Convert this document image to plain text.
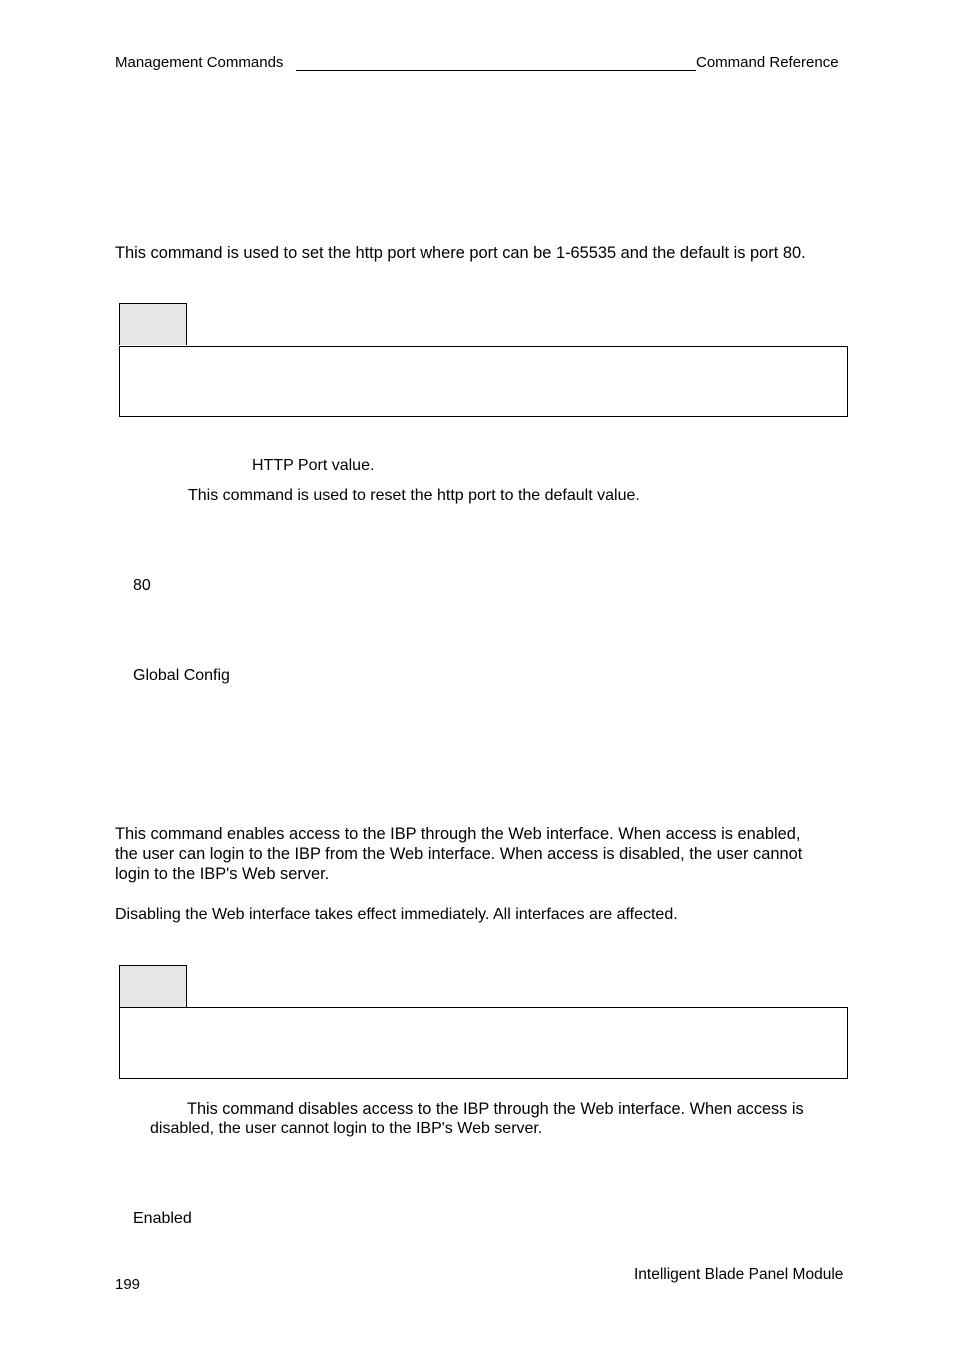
Management Commands	Command Reference
This command is used to set the http port where port can be 1-65535 and the default is port 80.
HTTP Port value.
This command is used to reset the http port to the default value.
80
Global Config
This command enables access to the IBP through the Web interface. When access is enabled,
the user can login to the IBP from the Web interface. When access is disabled, the user cannot
login to the IBP's Web server.
Disabling the Web interface takes effect immediately. All interfaces are affected.
This command disables access to the IBP through the Web interface. When access is
disabled, the user cannot login to the IBP's Web server.
Enabled
199
Intelligent Blade Panel Module
